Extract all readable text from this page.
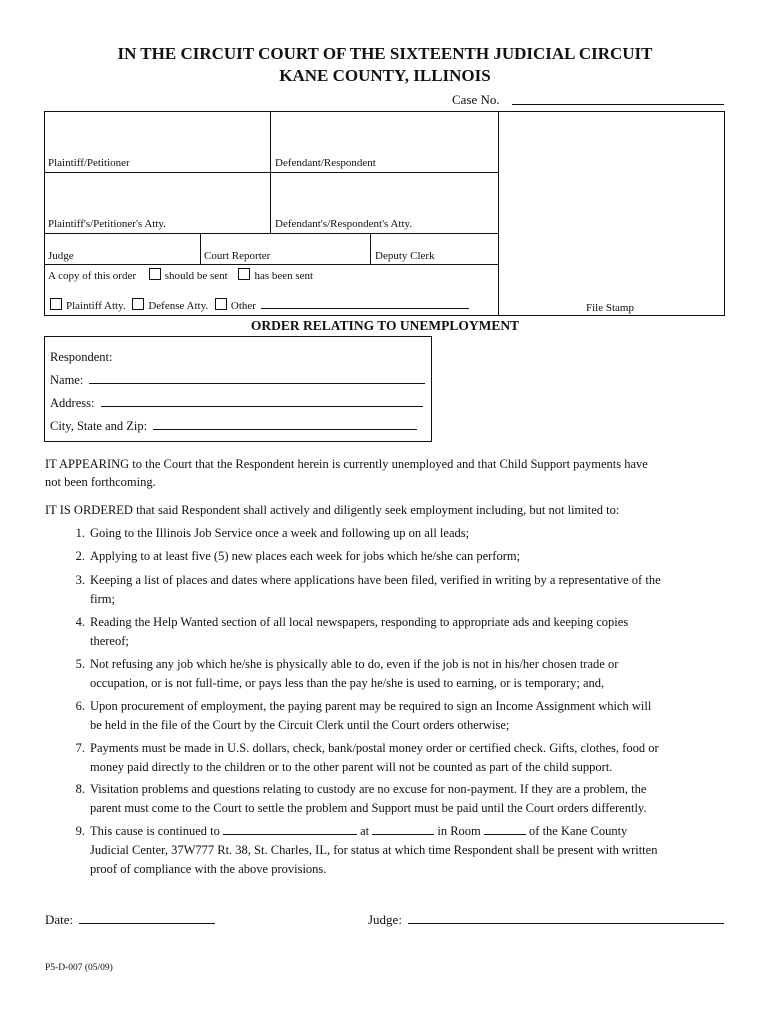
IN THE CIRCUIT COURT OF THE SIXTEENTH JUDICIAL CIRCUIT
KANE COUNTY, ILLINOIS
Case No.
Plaintiff/Petitioner	Defendant/Respondent
Plaintiff's/Petitioner's Atty.	Defendant's/Respondent's Atty.
Judge	Court Reporter	Deputy Clerk
A copy of this order	should be sent has been sent
Plaintiff Atty. Defense Atty. Other	File Stamp
ORDER RELATING TO UNEMPLOYMENT
Respondent:
Name:
Address:
City, State and Zip:
IT APPEARING to the Court that the Respondent herein is currently unemployed and that Child Support payments have
not been forthcoming.
IT IS ORDERED that said Respondent shall actively and diligently seek employment including, but not limited to:
1. Going to the Illinois Job Service once a week and following up on all leads;
2. Applying to at least five (5) new places each week for jobs which he/she can perform;
3. Keeping a list of places and dates where applications have been filed, verified in writing by a representative of the
firm;
4. Reading the Help Wanted section of all local newspapers, responding to appropriate ads and keeping copies
thereof;
5. Not refusing any job which he/she is physically able to do, even if the job is not in his/her chosen trade or
occupation, or is not full-time, or pays less than the pay he/she is used to earning, or is temporary; and,
6. Upon procurement of employment, the paying parent may be required to sign an Income Assignment which will
be held in the file of the Court by the Circuit Clerk until the Court orders otherwise;
7. Payments must be made in U.S. dollars, check, bank/postal money order or certified check. Gifts, clothes, food or
money paid directly to the children or to the other parent will not be counted as part of the child support.
8. Visitation problems and questions relating to custody are no excuse for non-payment. If they are a problem, the
parent must come to the Court to settle the problem and Support must be paid until the Court orders differently.
9. This cause is continued to	at	in Room	of the Kane County
Judicial Center, 37W777 Rt. 38, St. Charles, IL, for status at which time Respondent shall be present with written
proof of compliance with the above provisions.
Date:	Judge:
P5-D-007 (05/09)
